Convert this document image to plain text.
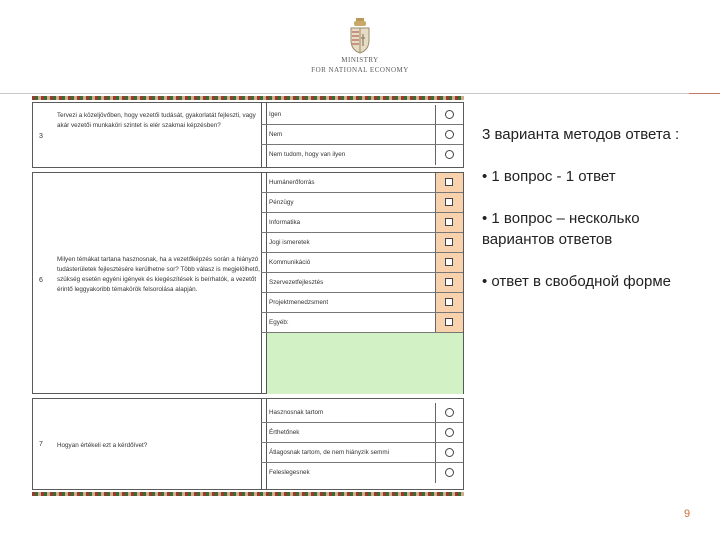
MINISTRY
FOR NATIONAL ECONOMY
3
Tervezi a közeljövőben, hogy vezetői tudását, gyakorlatát fejleszti, vagy akár vezetői munkaköri szintet is elér szakmai képzésben?
Igen
Nem
Nem tudom, hogy van ilyen
6
Milyen témákat tartana hasznosnak, ha a vezetőképzés során a hiányzó tudásterületek fejlesztésére kerülhetne sor? Több válasz is megjelölhető, szükség esetén egyéni igények és kiegészítések is beírhatók, a vezetőt érintő leggyakoribb témakörök felsorolása alapján.
Humánerőforrás
Pénzügy
Informatika
Jogi ismeretek
Kommunikáció
Szervezetfejlesztés
Projektmenedzsment
Egyéb:
7 Hogyan értékeli ezt a kérdőívet?
Hasznosnak tartom
Érthetőnek
Átlagosnak tartom, de nem hiányzik semmi
Feleslegesnek

3 варианта методов ответа :

• 1 вопрос - 1 ответ

• 1 вопрос – несколько вариантов ответов

• ответ в свободной форме

9
